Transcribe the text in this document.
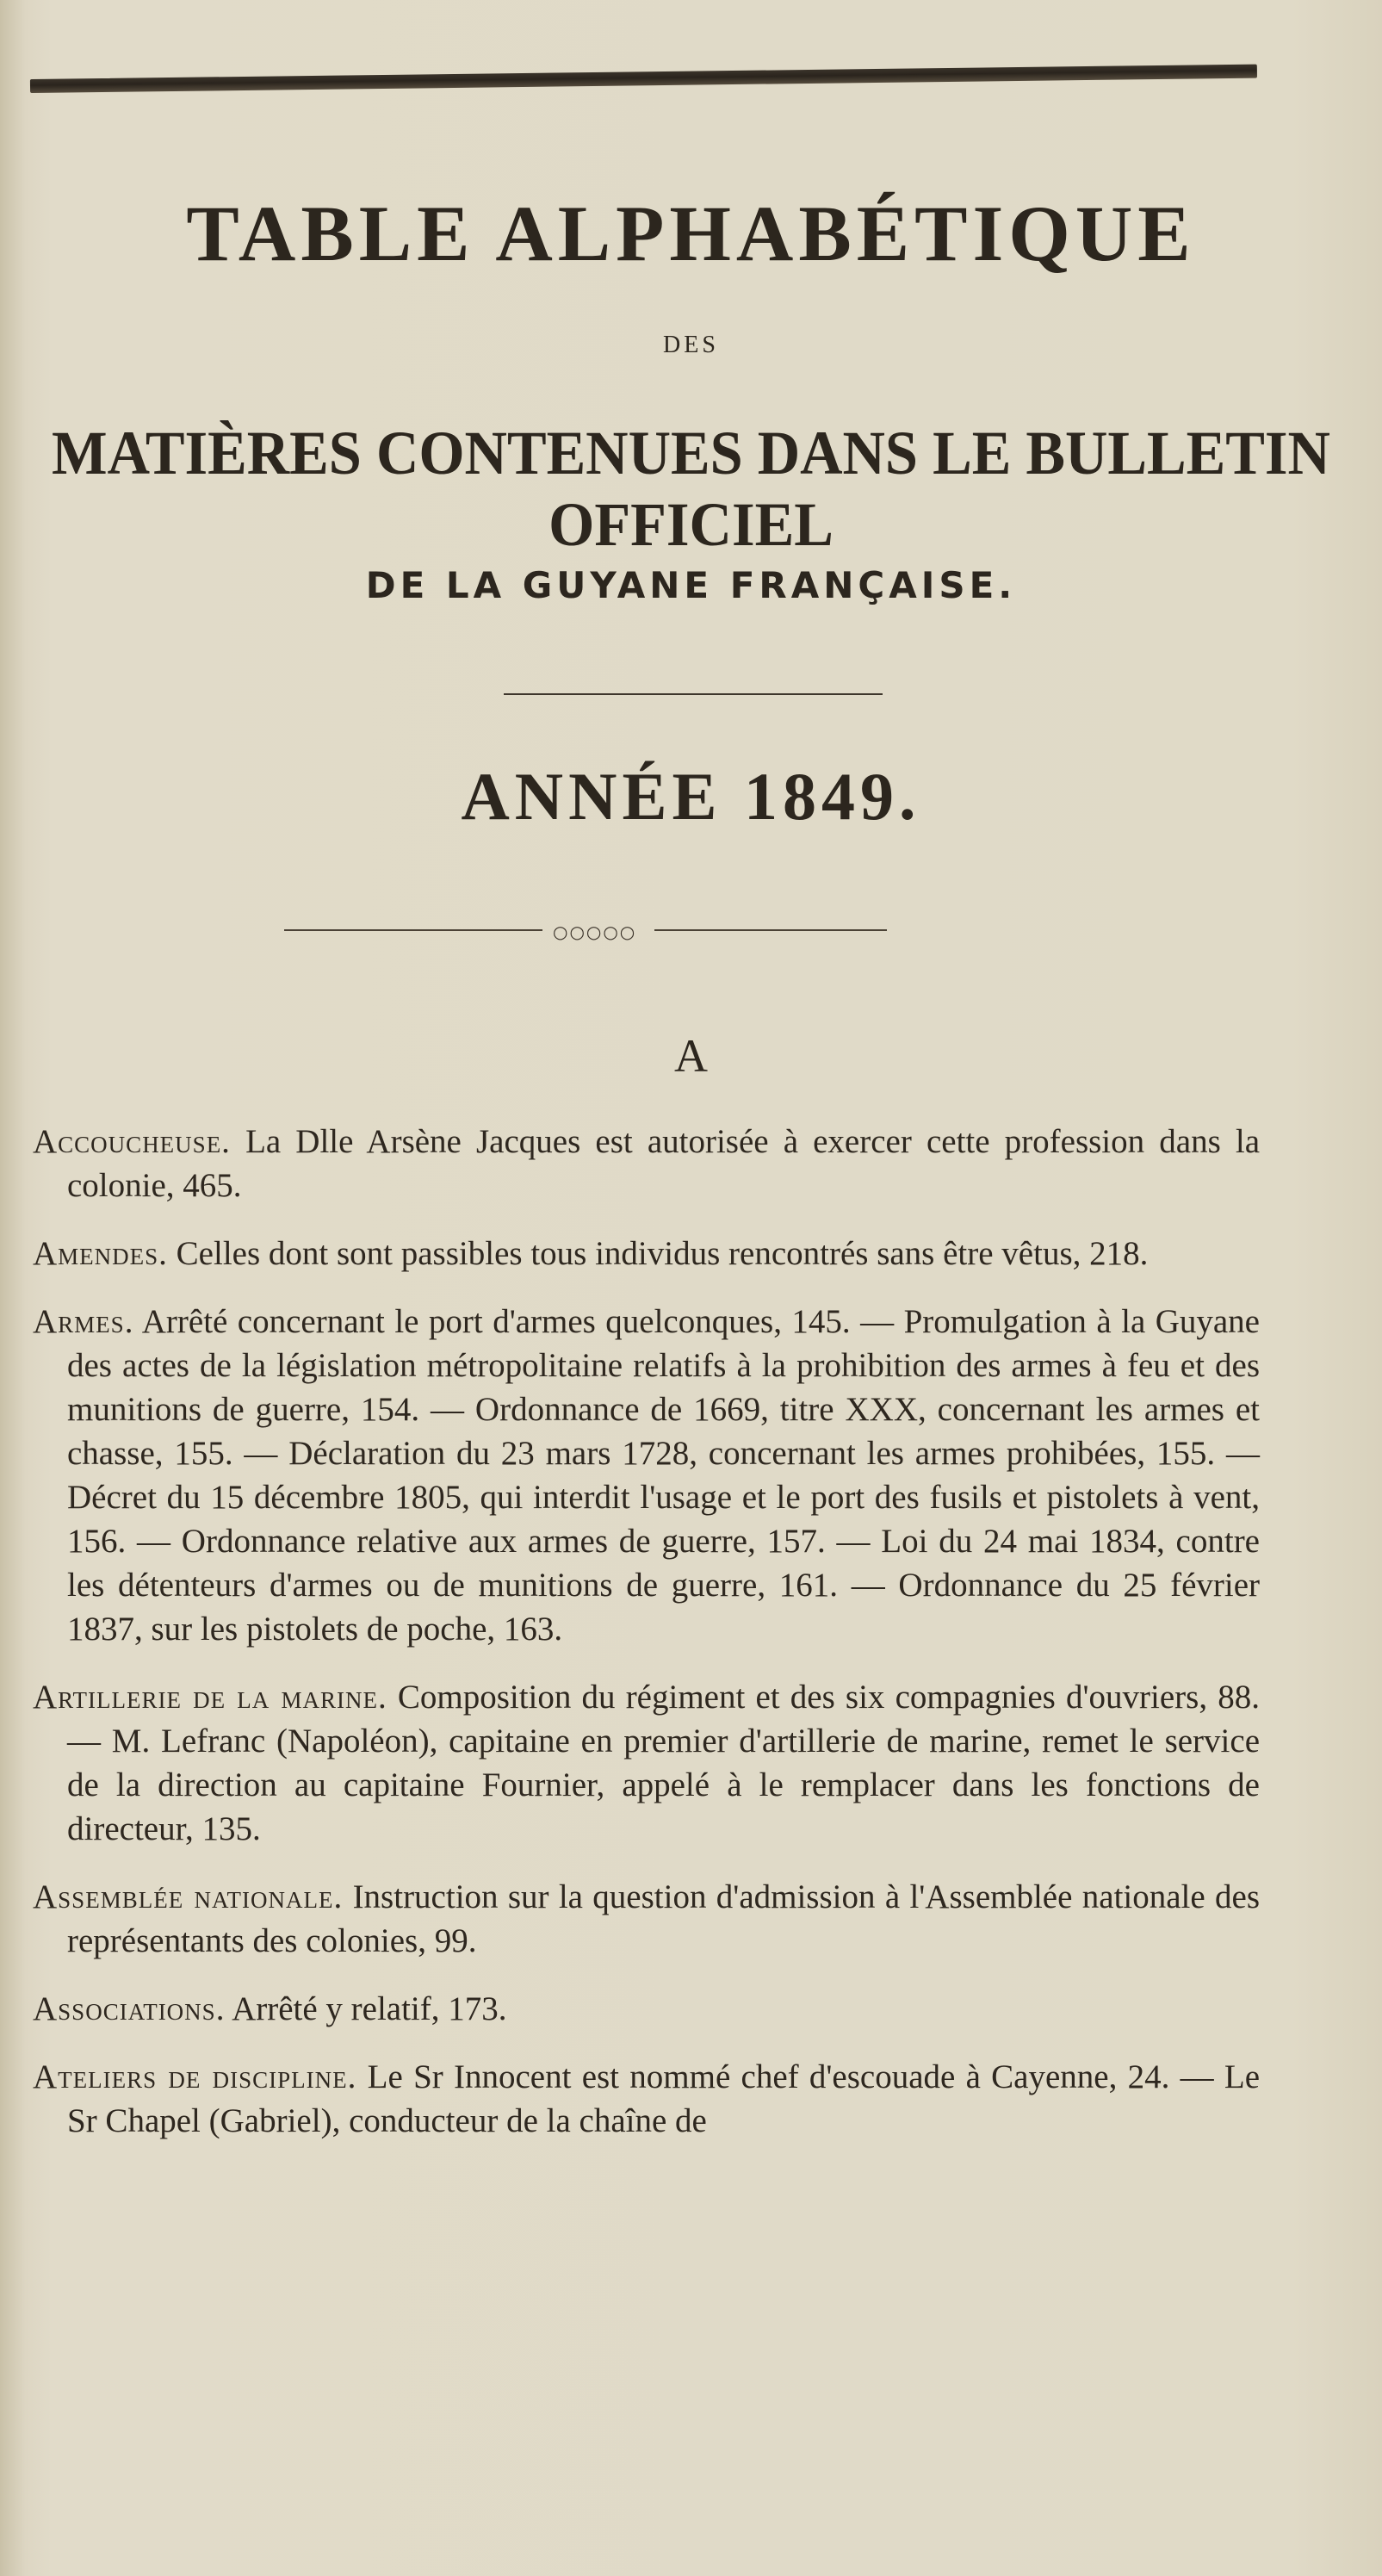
TABLE ALPHABÉTIQUE
DES
MATIÈRES CONTENUES DANS LE BULLETIN OFFICIEL
DE LA GUYANE FRANÇAISE.
ANNÉE 1849.
○○○○○
A

Accoucheuse. La Dlle Arsène Jacques est autorisée à exercer cette profession dans la colonie, 465.

Amendes. Celles dont sont passibles tous individus rencontrés sans être vêtus, 218.

Armes. Arrêté concernant le port d'armes quelconques, 145. — Promulgation à la Guyane des actes de la législation métropolitaine relatifs à la prohibition des armes à feu et des munitions de guerre, 154. — Ordonnance de 1669, titre XXX, concernant les armes et chasse, 155. — Déclaration du 23 mars 1728, concernant les armes prohibées, 155. — Décret du 15 décembre 1805, qui interdit l'usage et le port des fusils et pistolets à vent, 156. — Ordonnance relative aux armes de guerre, 157. — Loi du 24 mai 1834, contre les détenteurs d'armes ou de munitions de guerre, 161. — Ordonnance du 25 février 1837, sur les pistolets de poche, 163.

Artillerie de la marine. Composition du régiment et des six compagnies d'ouvriers, 88. — M. Lefranc (Napoléon), capitaine en premier d'artillerie de marine, remet le service de la direction au capitaine Fournier, appelé à le remplacer dans les fonctions de directeur, 135.

Assemblée nationale. Instruction sur la question d'admission à l'Assemblée nationale des représentants des colonies, 99.

Associations. Arrêté y relatif, 173.

Ateliers de discipline. Le Sr Innocent est nommé chef d'escouade à Cayenne, 24. — Le Sr Chapel (Gabriel), conducteur de la chaîne de
